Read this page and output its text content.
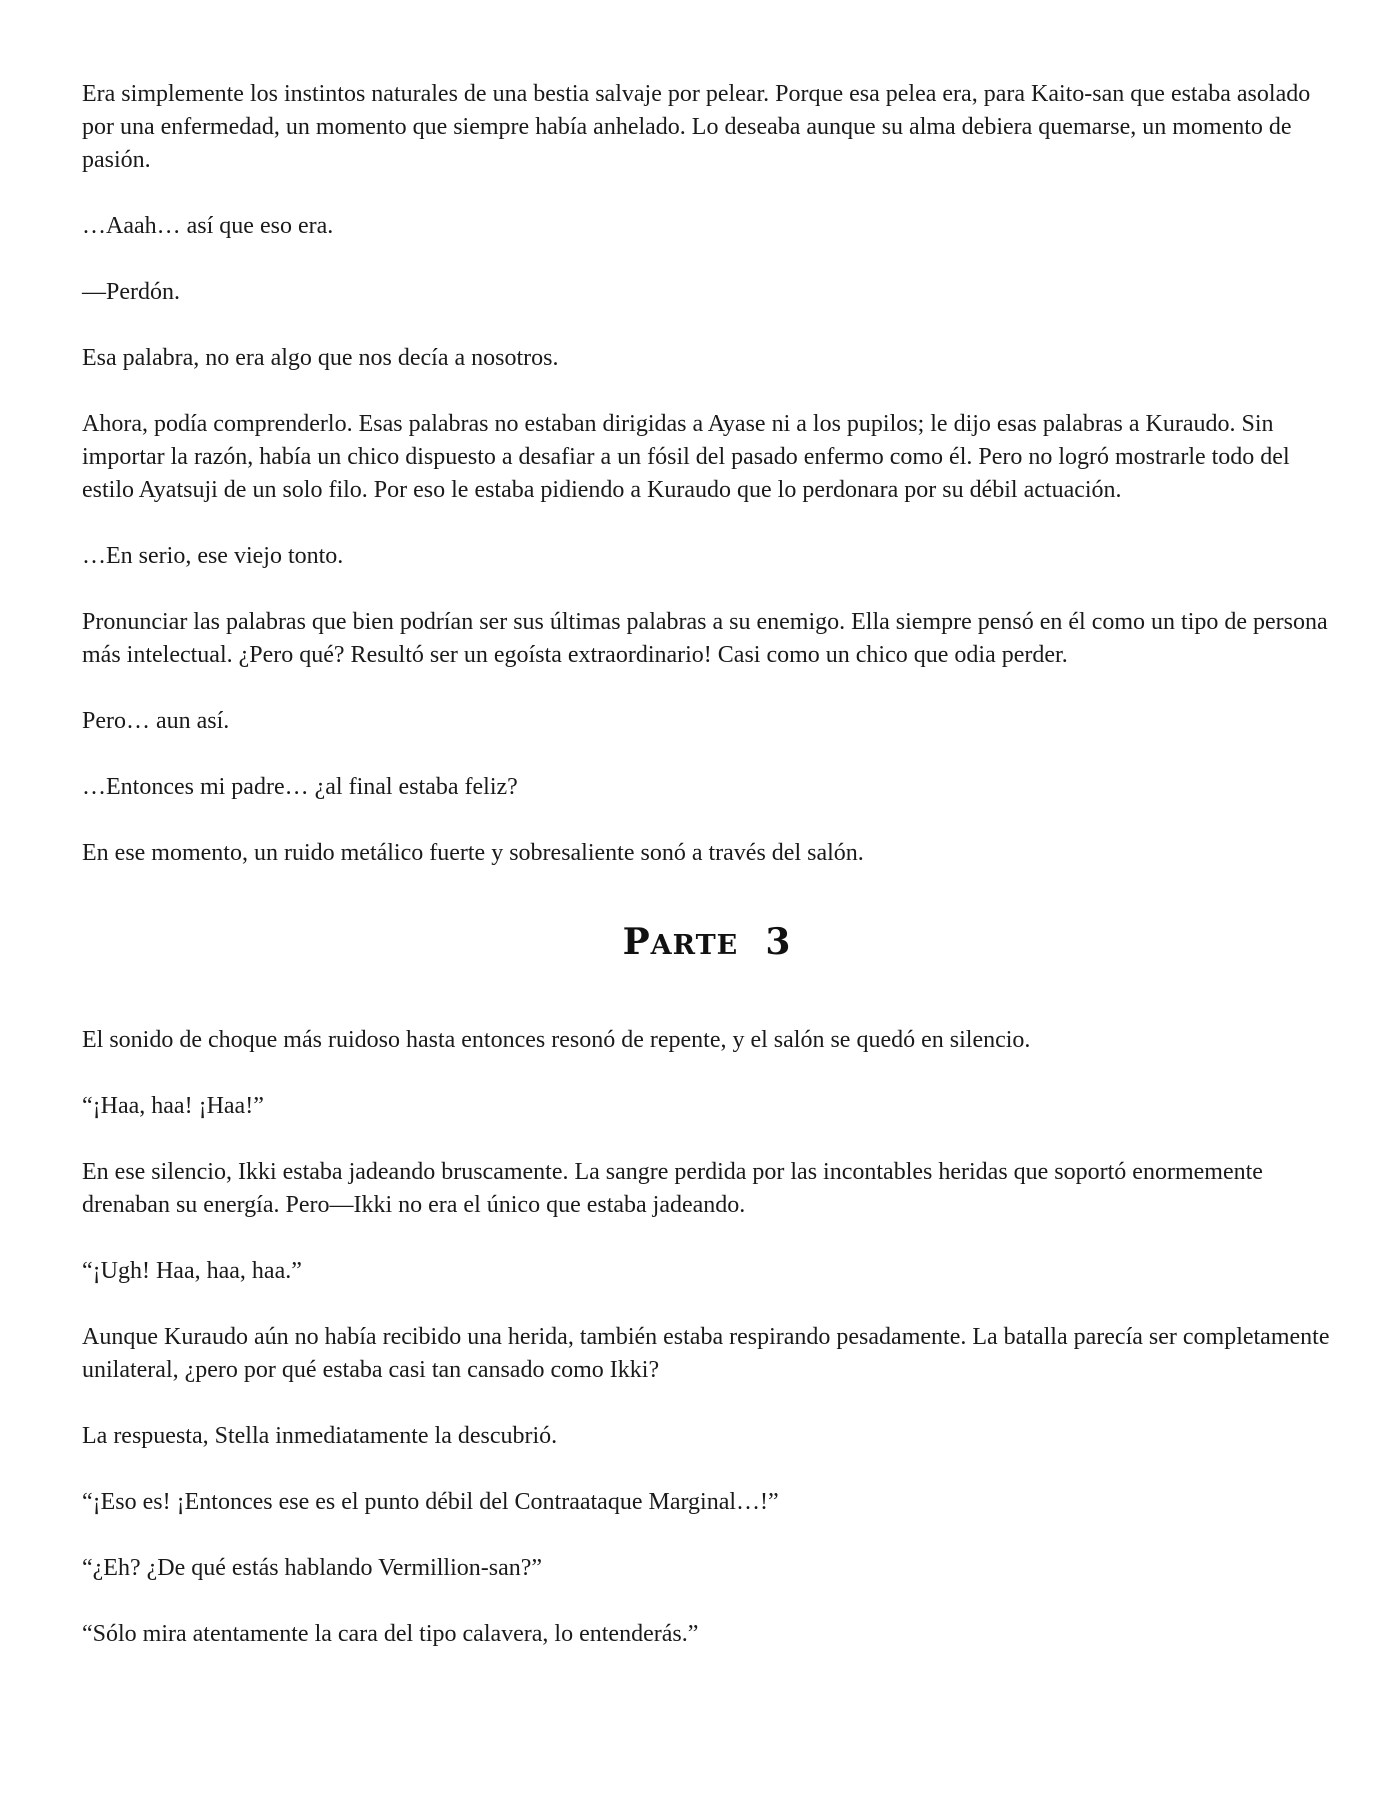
Era simplemente los instintos naturales de una bestia salvaje por pelear. Porque esa pelea era, para Kaito-san que estaba asolado por una enfermedad, un momento que siempre había anhelado. Lo deseaba aunque su alma debiera quemarse, un momento de pasión.

…Aaah… así que eso era.

—Perdón.

Esa palabra, no era algo que nos decía a nosotros.

Ahora, podía comprenderlo. Esas palabras no estaban dirigidas a Ayase ni a los pupilos; le dijo esas palabras a Kuraudo. Sin importar la razón, había un chico dispuesto a desafiar a un fósil del pasado enfermo como él. Pero no logró mostrarle todo del estilo Ayatsuji de un solo filo. Por eso le estaba pidiendo a Kuraudo que lo perdonara por su débil actuación.

…En serio, ese viejo tonto.

Pronunciar las palabras que bien podrían ser sus últimas palabras a su enemigo. Ella siempre pensó en él como un tipo de persona más intelectual. ¿Pero qué? Resultó ser un egoísta extraordinario! Casi como un chico que odia perder.

Pero… aun así.

…Entonces mi padre… ¿al final estaba feliz?

En ese momento, un ruido metálico fuerte y sobresaliente sonó a través del salón.

PARTE 3

El sonido de choque más ruidoso hasta entonces resonó de repente, y el salón se quedó en silencio.

“¡Haa, haa! ¡Haa!”

En ese silencio, Ikki estaba jadeando bruscamente. La sangre perdida por las incontables heridas que soportó enormemente drenaban su energía. Pero—Ikki no era el único que estaba jadeando.

“¡Ugh! Haa, haa, haa.”

Aunque Kuraudo aún no había recibido una herida, también estaba respirando pesadamente. La batalla parecía ser completamente unilateral, ¿pero por qué estaba casi tan cansado como Ikki?

La respuesta, Stella inmediatamente la descubrió.

“¡Eso es! ¡Entonces ese es el punto débil del Contraataque Marginal…!”

“¿Eh? ¿De qué estás hablando Vermillion-san?”

“Sólo mira atentamente la cara del tipo calavera, lo entenderás.”
